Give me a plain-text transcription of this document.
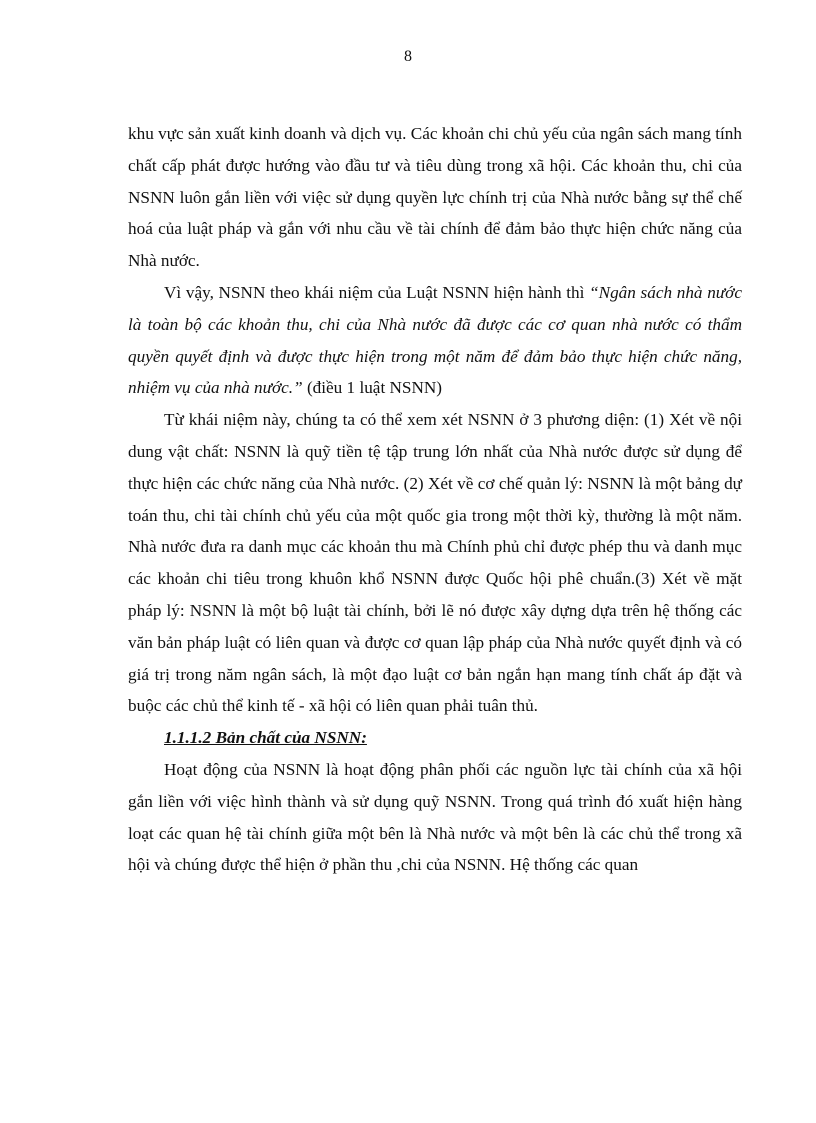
8

khu vực sản xuất kinh doanh và dịch vụ. Các khoản chi chủ yếu của ngân sách mang tính chất cấp phát được hướng vào đầu tư và tiêu dùng trong xã hội. Các khoản thu, chi của NSNN luôn gắn liền với việc sử dụng quyền lực chính trị của Nhà nước bằng sự thể chế hoá của luật pháp và gắn với nhu cầu về tài chính để đảm bảo thực hiện chức năng của Nhà nước.

Vì vậy, NSNN theo khái niệm của Luật NSNN hiện hành thì “Ngân sách nhà nước là toàn bộ các khoản thu, chi của Nhà nước đã được các cơ quan nhà nước có thẩm quyền quyết định và được thực hiện trong một năm để đảm bảo thực hiện chức năng, nhiệm vụ của nhà nước.” (điều 1 luật NSNN)

Từ khái niệm này, chúng ta có thể xem xét NSNN ở 3 phương diện: (1) Xét về nội dung vật chất: NSNN là quỹ tiền tệ tập trung lớn nhất của Nhà nước được sử dụng để thực hiện các chức năng của Nhà nước. (2) Xét về cơ chế quản lý: NSNN là một bảng dự toán thu, chi tài chính chủ yếu của một quốc gia trong một thời kỳ, thường là một năm. Nhà nước đưa ra danh mục các khoản thu mà Chính phủ chỉ được phép thu và danh mục các khoản chi tiêu trong khuôn khổ NSNN được Quốc hội phê chuẩn.(3) Xét về mặt pháp lý: NSNN là một bộ luật tài chính, bởi lẽ nó được xây dựng dựa trên hệ thống các văn bản pháp luật có liên quan và được cơ quan lập pháp của Nhà nước quyết định và có giá trị trong năm ngân sách, là một đạo luật cơ bản ngắn hạn mang tính chất áp đặt và buộc các chủ thể kinh tế - xã hội có liên quan phải tuân thủ.

1.1.1.2 Bản chất của NSNN:

Hoạt động của NSNN là hoạt động phân phối các nguồn lực tài chính của xã hội gắn liền với việc hình thành và sử dụng quỹ NSNN. Trong quá trình đó xuất hiện hàng loạt các quan hệ tài chính giữa một bên là Nhà nước và một bên là các chủ thể trong xã hội và chúng được thể hiện ở phần thu ,chi của NSNN. Hệ thống các quan
